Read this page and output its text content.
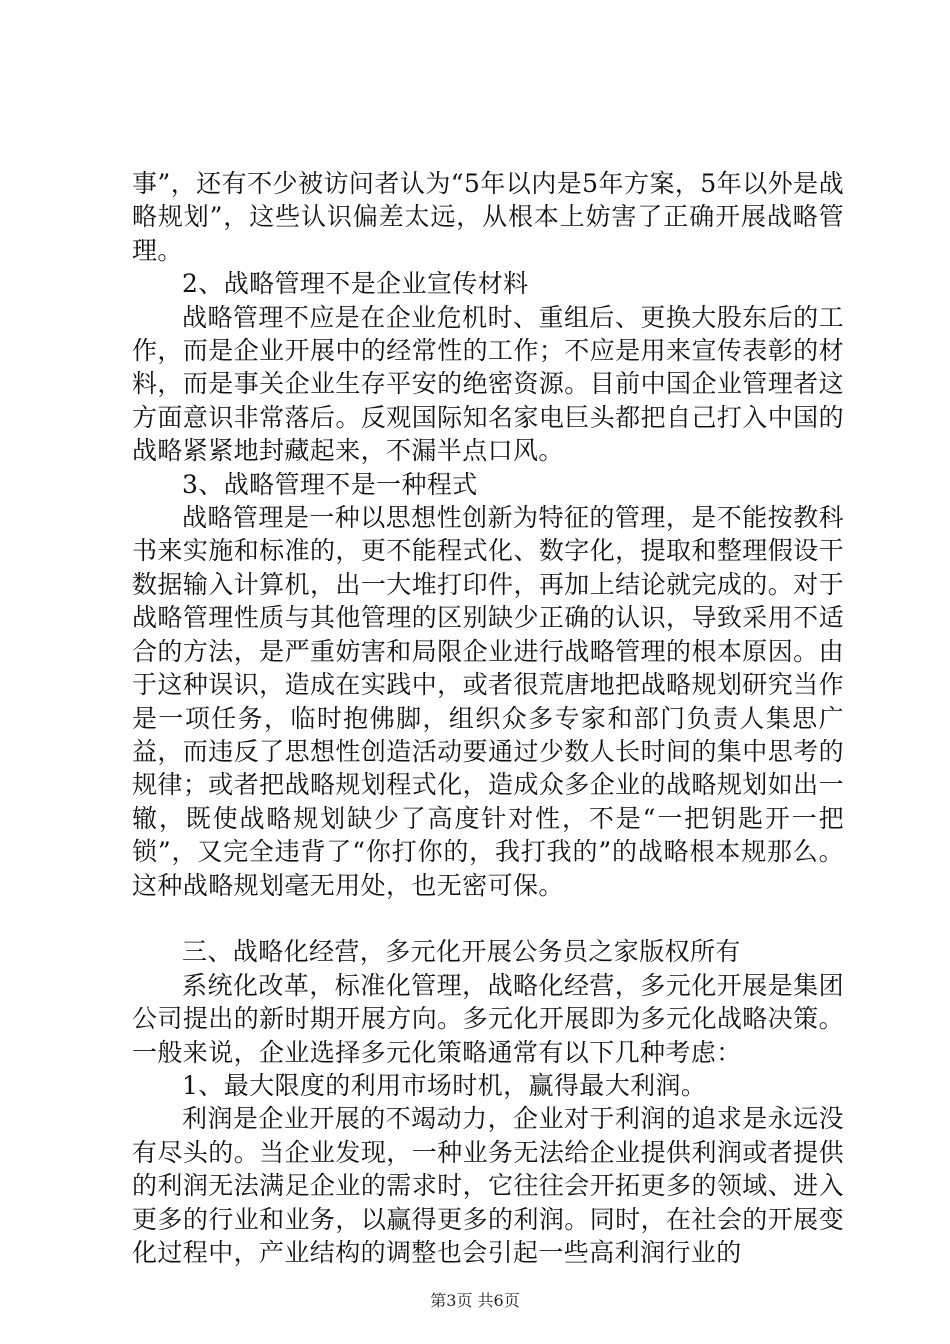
事”，还有不少被访问者认为“5年以内是5年方案，5年以外是战略规划”，这些认识偏差太远，从根本上妨害了正确开展战略管理。

2、战略管理不是企业宣传材料

战略管理不应是在企业危机时、重组后、更换大股东后的工作，而是企业开展中的经常性的工作；不应是用来宣传表彰的材料，而是事关企业生存平安的绝密资源。目前中国企业管理者这方面意识非常落后。反观国际知名家电巨头都把自己打入中国的战略紧紧地封藏起来，不漏半点口风。

3、战略管理不是一种程式

战略管理是一种以思想性创新为特征的管理，是不能按教科书来实施和标准的，更不能程式化、数字化，提取和整理假设干数据输入计算机，出一大堆打印件，再加上结论就完成的。对于战略管理性质与其他管理的区别缺少正确的认识，导致采用不适合的方法，是严重妨害和局限企业进行战略管理的根本原因。由于这种误识，造成在实践中，或者很荒唐地把战略规划研究当作是一项任务，临时抱佛脚，组织众多专家和部门负责人集思广益，而违反了思想性创造活动要通过少数人长时间的集中思考的规律；或者把战略规划程式化，造成众多企业的战略规划如出一辙，既使战略规划缺少了高度针对性，不是“一把钥匙开一把锁”，又完全违背了“你打你的，我打我的”的战略根本规那么。这种战略规划毫无用处，也无密可保。

三、战略化经营，多元化开展公务员之家版权所有

系统化改革，标准化管理，战略化经营，多元化开展是集团公司提出的新时期开展方向。多元化开展即为多元化战略决策。一般来说，企业选择多元化策略通常有以下几种考虑：

1、最大限度的利用市场时机，赢得最大利润。

利润是企业开展的不竭动力，企业对于利润的追求是永远没有尽头的。当企业发现，一种业务无法给企业提供利润或者提供的利润无法满足企业的需求时，它往往会开拓更多的领域、进入更多的行业和业务，以赢得更多的利润。同时，在社会的开展变化过程中，产业结构的调整也会引起一些高利润行业的

第3页 共6页
